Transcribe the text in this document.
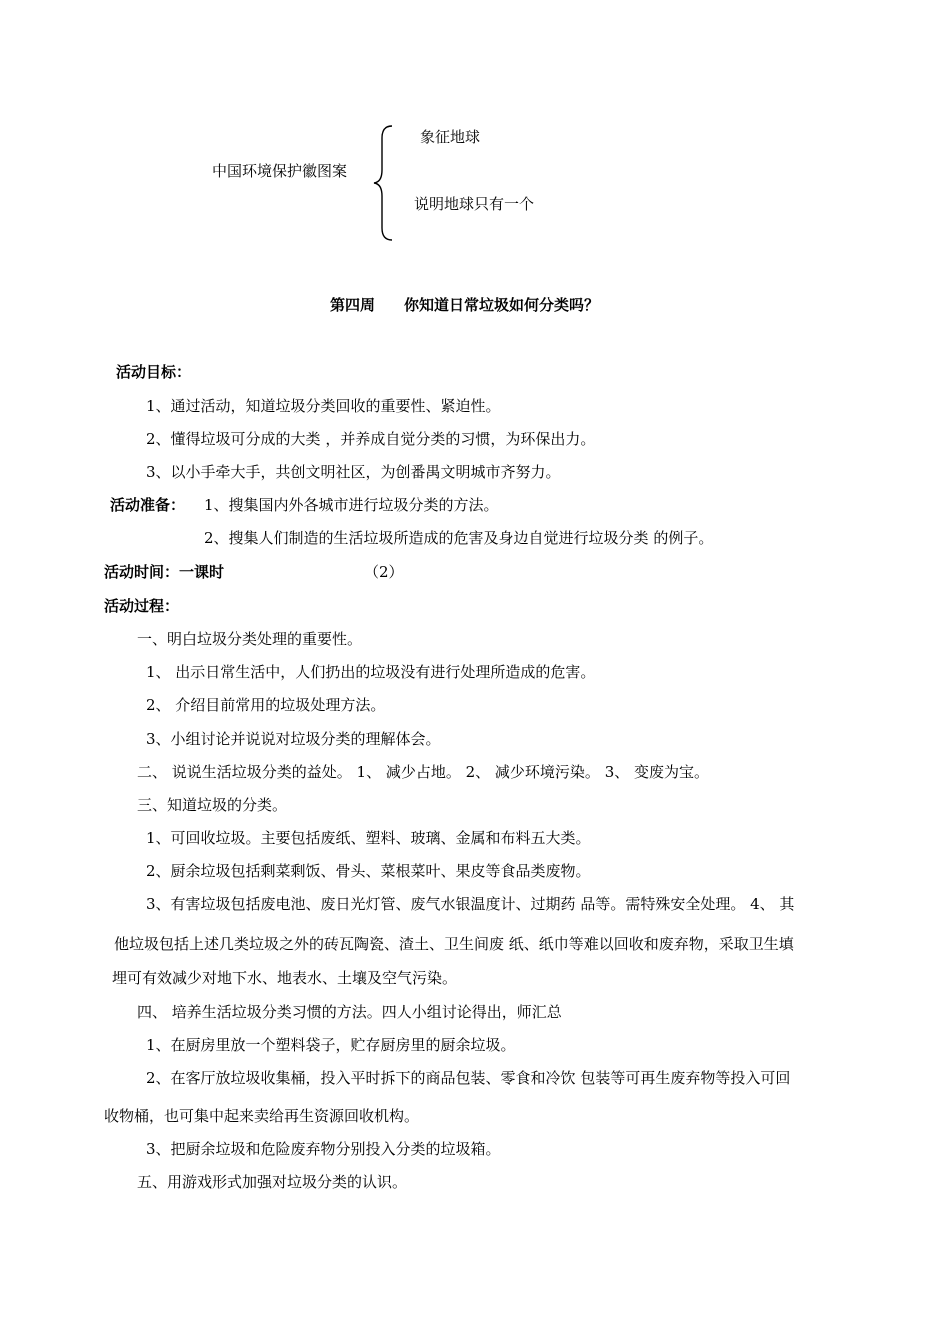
中国环境保护徽图案
象征地球
说明地球只有一个
第四周 你知道日常垃圾如何分类吗？
活动目标：
1、通过活动，知道垃圾分类回收的重要性、紧迫性。
2、懂得垃圾可分成的大类 ，并养成自觉分类的习惯，为环保出力。
3、以小手牵大手，共创文明社区，为创番禺文明城市齐努力。
活动准备： 1、搜集国内外各城市进行垃圾分类的方法。
2、搜集人们制造的生活垃圾所造成的危害及身边自觉进行垃圾分类 的例子。
活动时间：一课时	（2）
活动过程：
一、明白垃圾分类处理的重要性。
1、 出示日常生活中，人们扔出的垃圾没有进行处理所造成的危害。
2、 介绍目前常用的垃圾处理方法。
3、小组讨论并说说对垃圾分类的理解体会。
二、 说说生活垃圾分类的益处。 1、 减少占地。 2、 减少环境污染。 3、 变废为宝。
三、知道垃圾的分类。
1、可回收垃圾。主要包括废纸、塑料、玻璃、金属和布料五大类。
2、厨余垃圾包括剩菜剩饭、骨头、菜根菜叶、果皮等食品类废物。
3、有害垃圾包括废电池、废日光灯管、废气水银温度计、过期药 品等。需特殊安全处理。 4、 其
他垃圾包括上述几类垃圾之外的砖瓦陶瓷、渣土、卫生间废 纸、纸巾等难以回收和废弃物，采取卫生填
埋可有效减少对地下水、地表水、土壤及空气污染。
四、 培养生活垃圾分类习惯的方法。四人小组讨论得出，师汇总
1、在厨房里放一个塑料袋子，贮存厨房里的厨余垃圾。
2、在客厅放垃圾收集桶，投入平时拆下的商品包装、零食和冷饮 包装等可再生废弃物等投入可回
收物桶，也可集中起来卖给再生资源回收机构。
3、把厨余垃圾和危险废弃物分别投入分类的垃圾箱。
五、用游戏形式加强对垃圾分类的认识。
